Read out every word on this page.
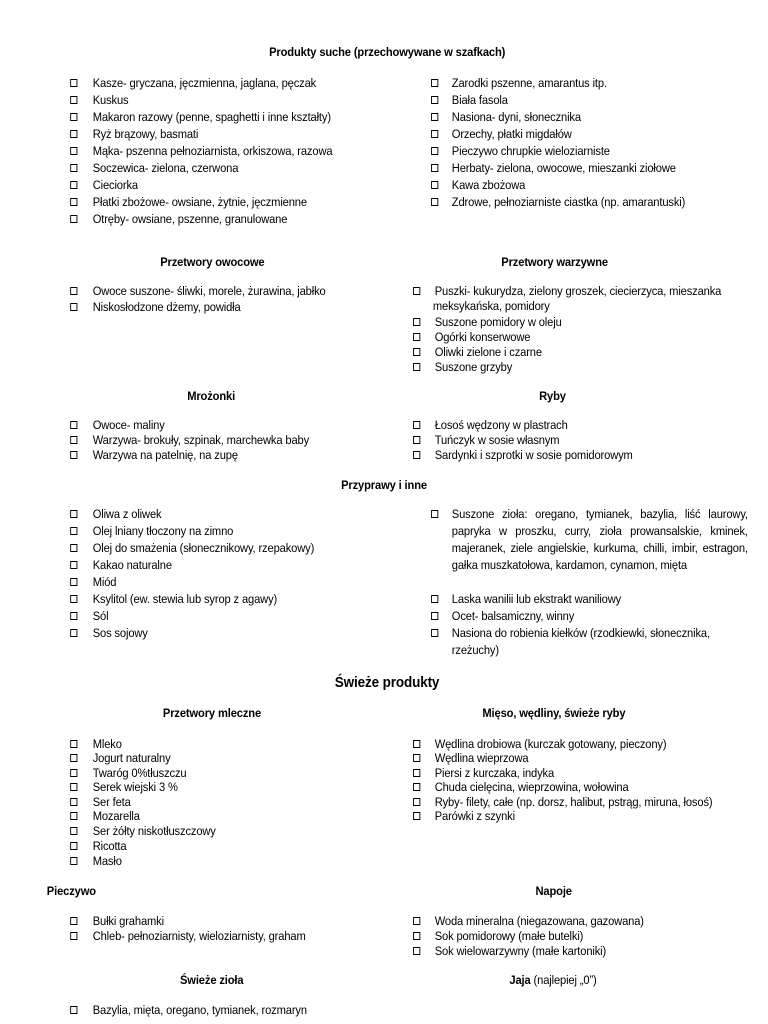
Produkty suche (przechowywane w szafkach)
Kasze- gryczana, jęczmienna, jaglana, pęczak
Kuskus
Makaron razowy (penne, spaghetti i inne kształty)
Ryż brązowy, basmati
Mąka- pszenna pełnoziarnista, orkiszowa, razowa
Soczewica- zielona, czerwona
Cieciorka
Płatki zbożowe- owsiane, żytnie, jęczmienne
Otręby- owsiane, pszenne, granulowane
Zarodki pszenne, amarantus itp.
Biała fasola
Nasiona- dyni, słonecznika
Orzechy, płatki migdałów
Pieczywo chrupkie wieloziarniste
Herbaty- zielona, owocowe, mieszanki ziołowe
Kawa zbożowa
Zdrowe, pełnoziarniste ciastka (np. amarantuski)
Przetwory owocowe	Przetwory warzywne
Owoce suszone- śliwki, morele, żurawina, jabłko
Niskosłodzone dżemy, powidła
Puszki- kukurydza, zielony groszek, ciecierzyca, mieszanka
meksykańska, pomidory
Suszone pomidory w oleju
Ogórki konserwowe
Oliwki zielone i czarne
Suszone grzyby
Mrożonki	Ryby
Owoce- maliny
Warzywa- brokuły, szpinak, marchewka baby
Warzywa na patelnię, na zupę
Łosoś wędzony w plastrach
Tuńczyk w sosie własnym
Sardynki i szprotki w sosie pomidorowym
Przyprawy i inne
Oliwa z oliwek
Olej lniany tłoczony na zimno
Olej do smażenia (słonecznikowy, rzepakowy)
Kakao naturalne
Miód
Ksylitol (ew. stewia lub syrop z agawy)
Sól
Sos sojowy
Suszone zioła: oregano, tymianek, bazylia, liść laurowy, papryka w proszku, curry, zioła prowansalskie, kminek, majeranek, ziele angielskie, kurkuma, chilli, imbir, estragon, gałka muszkatołowa, kardamon, cynamon, mięta
Laska wanilii lub ekstrakt waniliowy
Ocet- balsamiczny, winny
Nasiona do robienia kiełków (rzodkiewki, słonecznika,
rzeżuchy)
Świeże produkty
Przetwory mleczne	Mięso, wędliny, świeże ryby
Mleko
Jogurt naturalny
Twaróg 0%tłuszczu
Serek wiejski 3 %
Ser feta
Mozarella
Ser żółty niskotłuszczowy
Ricotta
Masło
Wędlina drobiowa (kurczak gotowany, pieczony)
Wędlina wieprzowa
Piersi z kurczaka, indyka
Chuda cielęcina, wieprzowina, wołowina
Ryby- filety, całe (np. dorsz, halibut, pstrąg, miruna, łosoś)
Parówki z szynki
Pieczywo	Napoje
Bułki grahamki
Chleb- pełnoziarnisty, wieloziarnisty, graham
Woda mineralna (niegazowana, gazowana)
Sok pomidorowy (małe butelki)
Sok wielowarzywny (małe kartoniki)
Świeże zioła	Jaja (najlepiej „0”)
Bazylia, mięta, oregano, tymianek, rozmaryn
